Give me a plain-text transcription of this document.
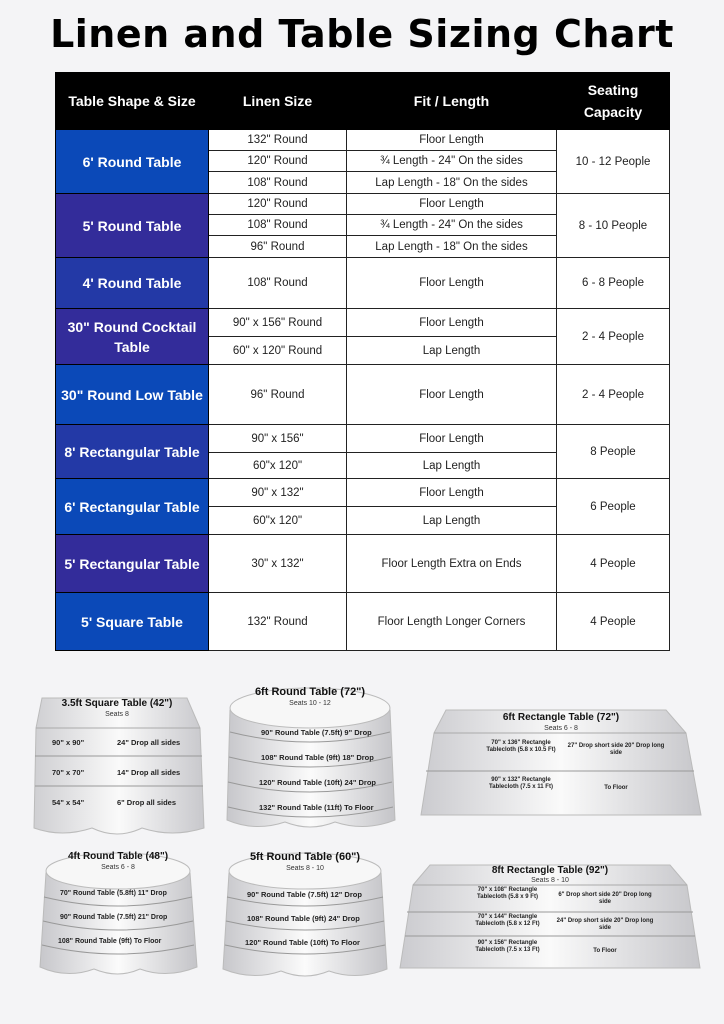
Linen and Table Sizing Chart
Table Shape & Size	Linen Size	Fit / Length	Seating Capacity
6' Round Table	132" Round	Floor Length	10 - 12 People
	120" Round	¾ Length - 24" On the sides	
	108" Round	Lap Length - 18" On the sides	
5' Round Table	120" Round	Floor Length	8 - 10 People
	108" Round	¾ Length - 24" On the sides	
	96" Round	Lap Length - 18" On the sides	
4' Round Table	108" Round	Floor Length	6 - 8 People
30" Round Cocktail Table	90" x 156" Round	Floor Length	2 - 4 People
	60" x 120" Round	Lap Length	
30" Round Low Table	96" Round	Floor Length	2 - 4 People
8' Rectangular Table	90" x 156"	Floor Length	8 People
	60"x 120"	Lap Length	
6' Rectangular Table	90" x 132"	Floor Length	6 People
	60"x 120"	Lap Length	
5' Rectangular Table	30" x 132"	Floor Length Extra on Ends	4 People
5' Square Table	132" Round	Floor Length Longer Corners	4 People
3.5ft Square Table (42")
Seats 8
90" x 90"	24" Drop all sides
70" x 70"	14" Drop all sides
54" x 54"	6" Drop all sides
6ft Round Table (72")
Seats 10 - 12
90" Round Table (7.5ft) 9" Drop
108" Round Table (9ft) 18" Drop
120" Round Table (10ft) 24" Drop
132" Round Table (11ft) To Floor
6ft Rectangle Table (72")
Seats 6 - 8
70" x 136" Rectangle Tablecloth (5.8 x 10.5 Ft)
27" Drop short side 20" Drop long side
90" x 132" Rectangle Tablecloth (7.5 x 11 Ft)	To Floor
4ft Round Table (48")
Seats 6 - 8
70" Round Table (5.8ft) 11" Drop
90" Round Table (7.5ft) 21" Drop
108" Round Table (9ft) To Floor
5ft Round Table (60")
Seats 8 - 10
90" Round Table (7.5ft) 12" Drop
108" Round Table (9ft) 24" Drop
120" Round Table (10ft) To Floor
8ft Rectangle Table (92")
Seats 8 - 10
70" x 108" Rectangle Tablecloth (5.8 x 9 Ft)	6" Drop short side 20" Drop long side
70" x 144" Rectangle Tablecloth (5.8 x 12 Ft)	24" Drop short side 20" Drop long side
90" x 156" Rectangle Tablecloth (7.5 x 13 Ft)	To Floor
